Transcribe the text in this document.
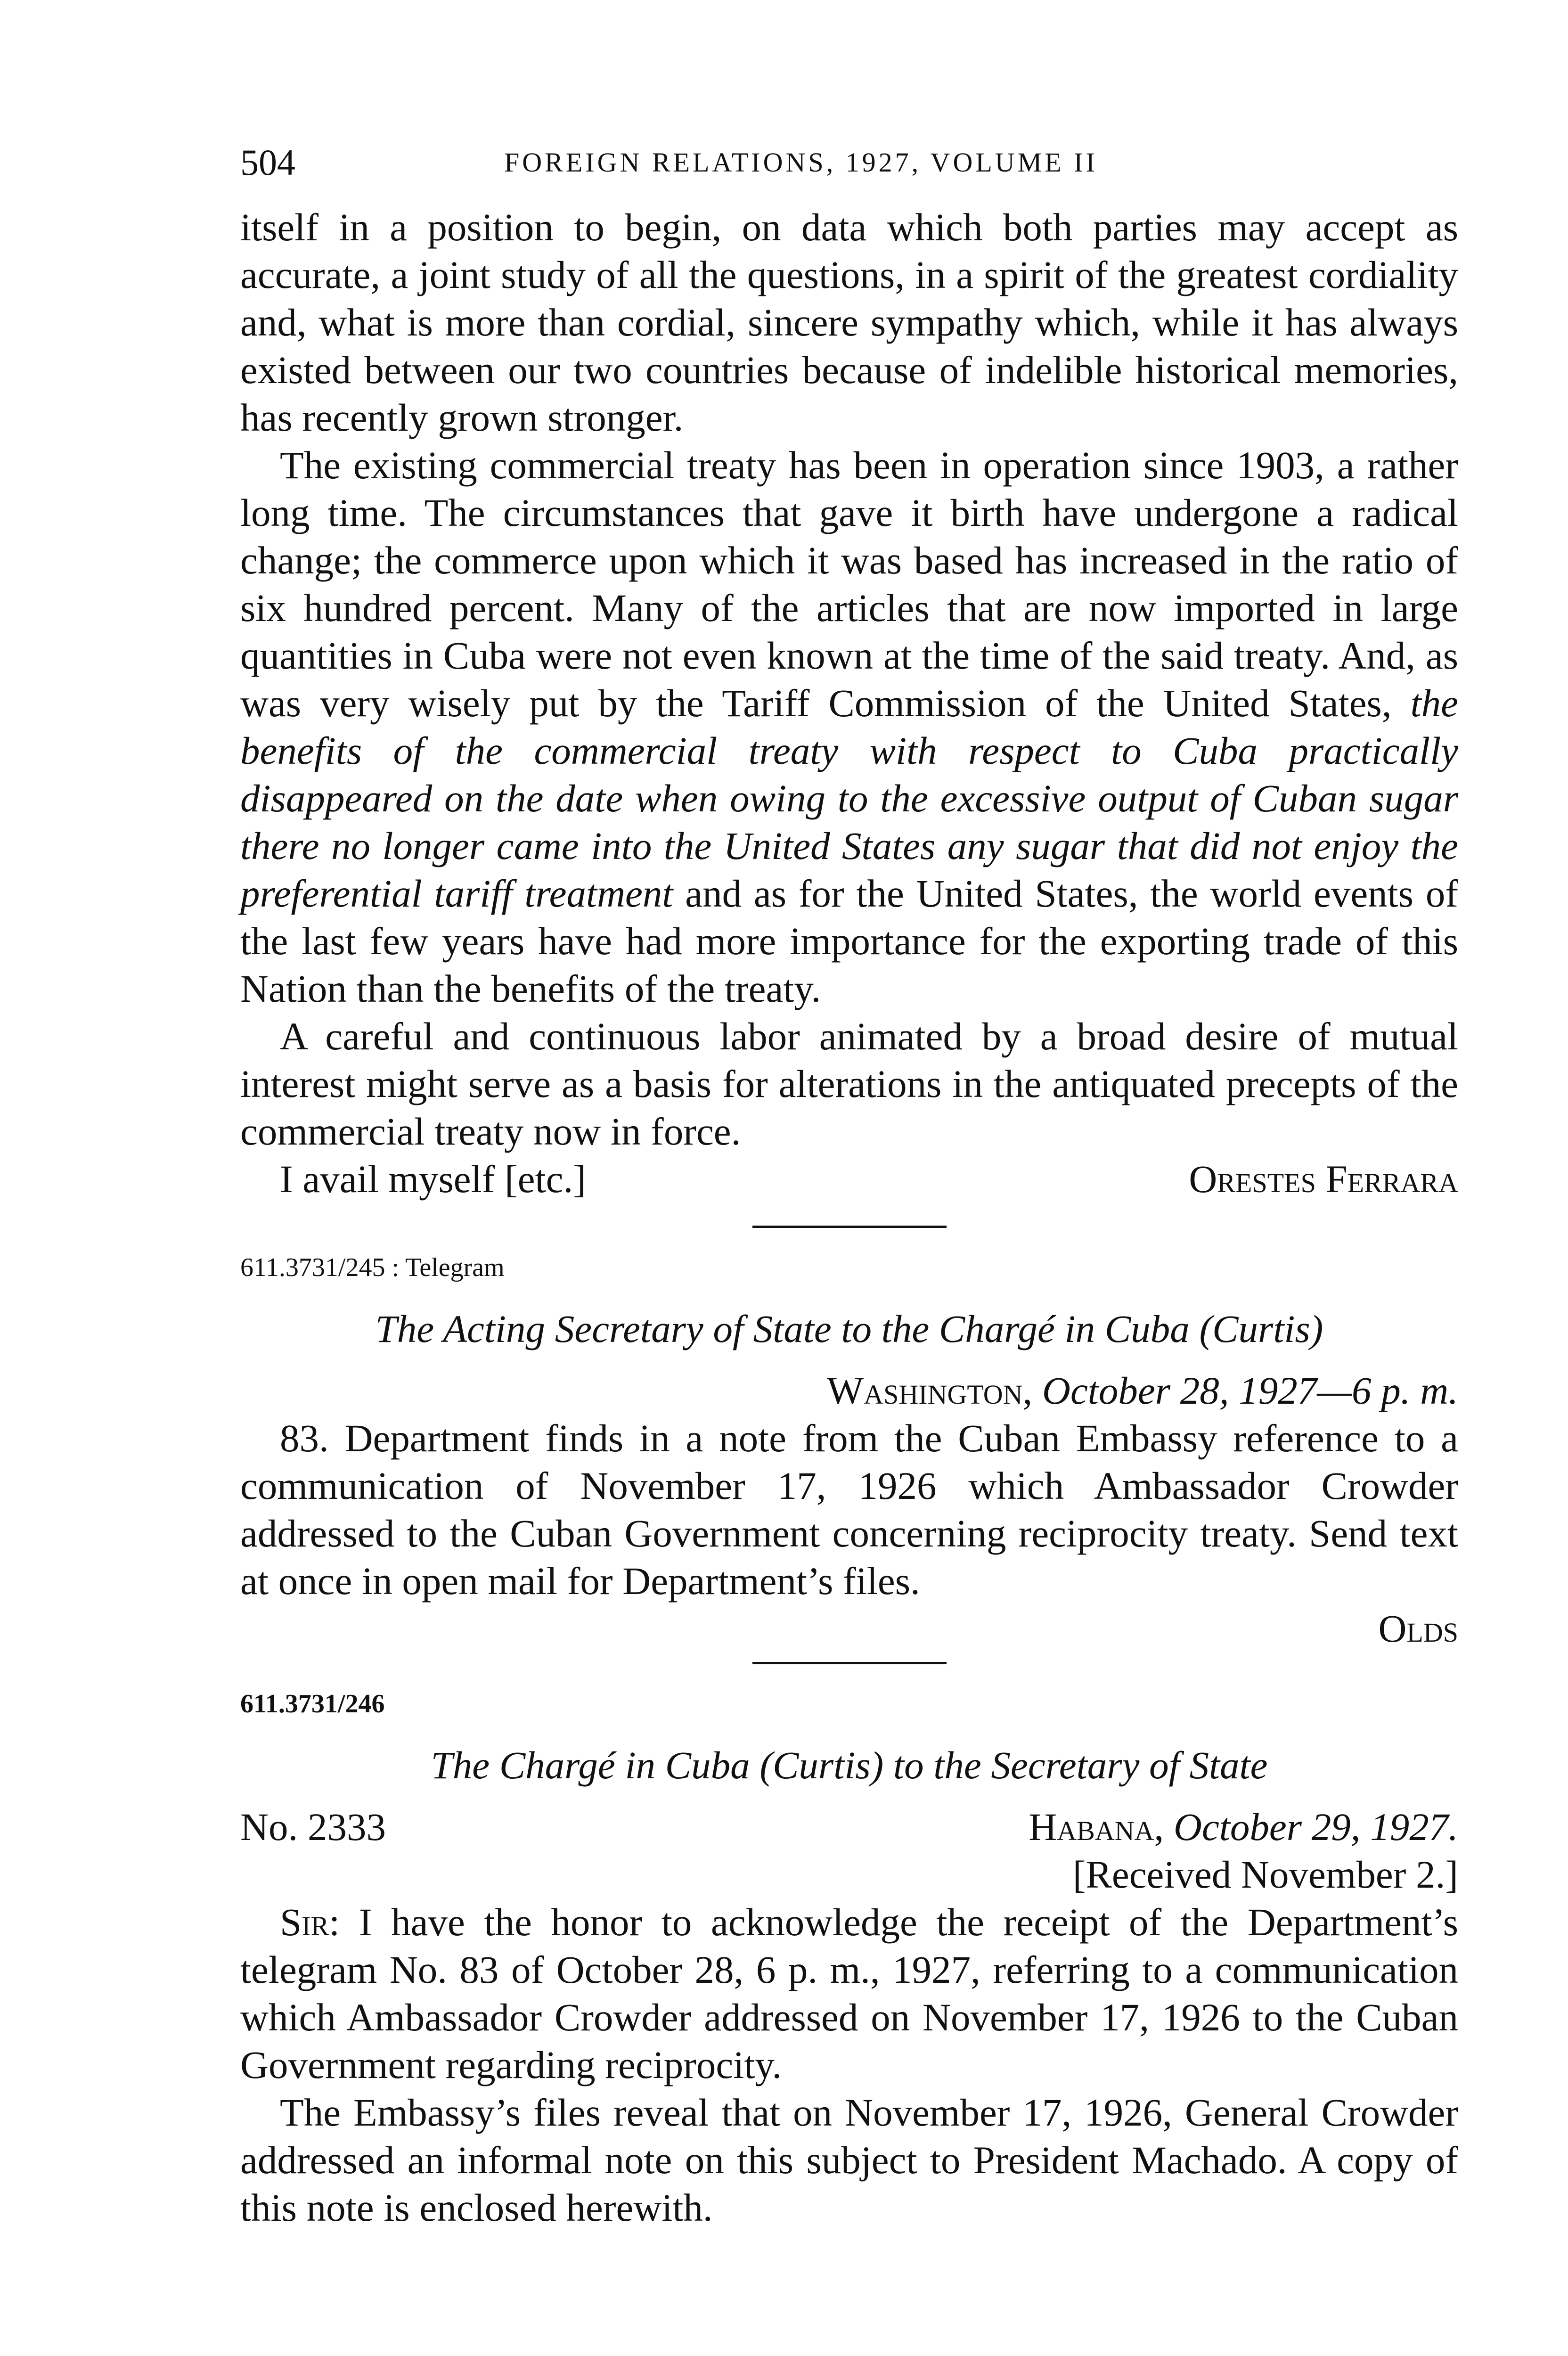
504	FOREIGN RELATIONS, 1927, VOLUME II

itself in a position to begin, on data which both parties may accept as accurate, a joint study of all the questions, in a spirit of the greatest cordiality and, what is more than cordial, sincere sympathy which, while it has always existed between our two countries because of indelible historical memories, has recently grown stronger.

The existing commercial treaty has been in operation since 1903, a rather long time. The circumstances that gave it birth have undergone a radical change; the commerce upon which it was based has increased in the ratio of six hundred percent. Many of the articles that are now imported in large quantities in Cuba were not even known at the time of the said treaty. And, as was very wisely put by the Tariff Commission of the United States, the benefits of the commercial treaty with respect to Cuba practically disappeared on the date when owing to the excessive output of Cuban sugar there no longer came into the United States any sugar that did not enjoy the preferential tariff treatment and as for the United States, the world events of the last few years have had more importance for the exporting trade of this Nation than the benefits of the treaty.

A careful and continuous labor animated by a broad desire of mutual interest might serve as a basis for alterations in the antiquated precepts of the commercial treaty now in force.

I avail myself [etc.]	Orestes Ferrara
611.3731/245 : Telegram
The Acting Secretary of State to the Chargé in Cuba (Curtis)
Washington, October 28, 1927—6 p. m.

83. Department finds in a note from the Cuban Embassy reference to a communication of November 17, 1926 which Ambassador Crowder addressed to the Cuban Government concerning reciprocity treaty. Send text at once in open mail for Department’s files.

Olds
611.3731/246
The Chargé in Cuba (Curtis) to the Secretary of State
No. 2333	Habana, October 29, 1927.
[Received November 2.]

Sir: I have the honor to acknowledge the receipt of the Department’s telegram No. 83 of October 28, 6 p. m., 1927, referring to a communication which Ambassador Crowder addressed on November 17, 1926 to the Cuban Government regarding reciprocity.

The Embassy’s files reveal that on November 17, 1926, General Crowder addressed an informal note on this subject to President Machado. A copy of this note is enclosed herewith.
